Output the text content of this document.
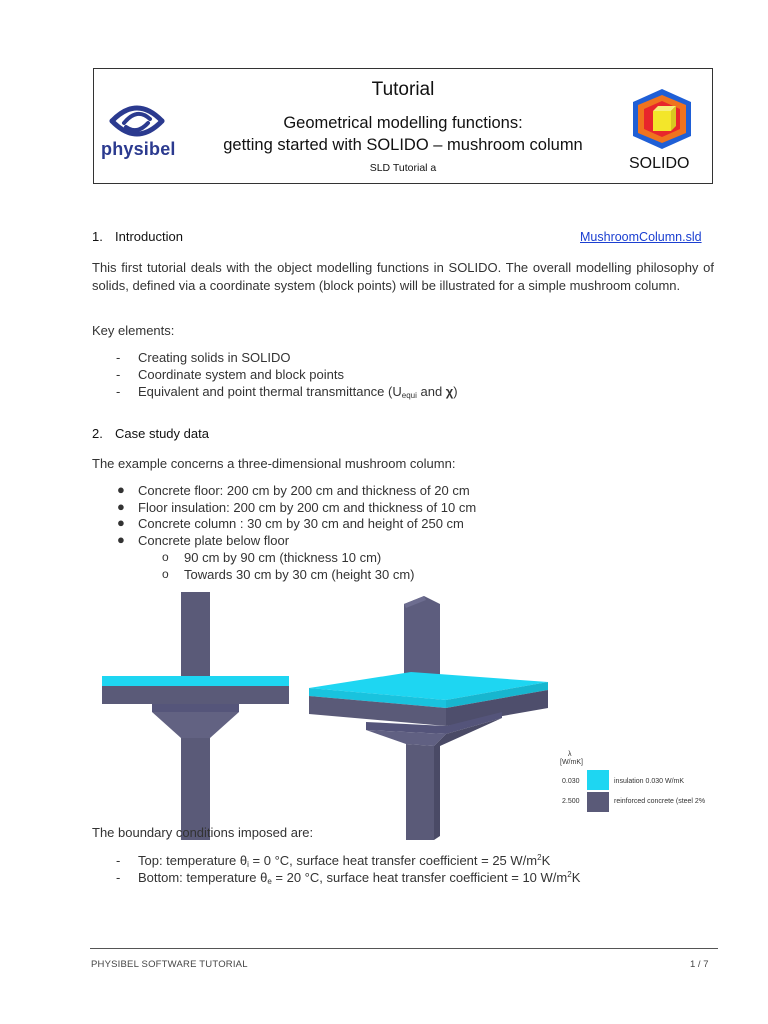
Tutorial
Geometrical modelling functions:
getting started with SOLIDO – mushroom column
SLD Tutorial a
physibel
SOLIDO
1. Introduction	MushroomColumn.sld
This first tutorial deals with the object modelling functions in SOLIDO. The overall modelling philosophy of solids, defined via a coordinate system (block points) will be illustrated for a simple mushroom column.
Key elements:
- Creating solids in SOLIDO
- Coordinate system and block points
- Equivalent and point thermal transmittance ($U_{equi}$ and χ)
2. Case study data
The example concerns a three-dimensional mushroom column:
● Concrete floor: 200 cm by 200 cm and thickness of 20 cm
● Floor insulation: 200 cm by 200 cm and thickness of 10 cm
● Concrete column : 30 cm by 30 cm and height of 250 cm
● Concrete plate below floor
o 90 cm by 90 cm (thickness 10 cm)
o Towards 30 cm by 30 cm (height 30 cm)
λ
[W/mK]
0.030	insulation 0.030 W/mK
2.500	reinforced concrete (steel 2%
The boundary conditions imposed are:
- Top: temperature $\theta_i = 0$ °C, surface heat transfer coefficient = 25 $W/m^2K$
- Bottom: temperature $\theta_e = 20$ °C, surface heat transfer coefficient = 10 $W/m^2K$
PHYSIBEL SOFTWARE TUTORIAL	1 / 7
